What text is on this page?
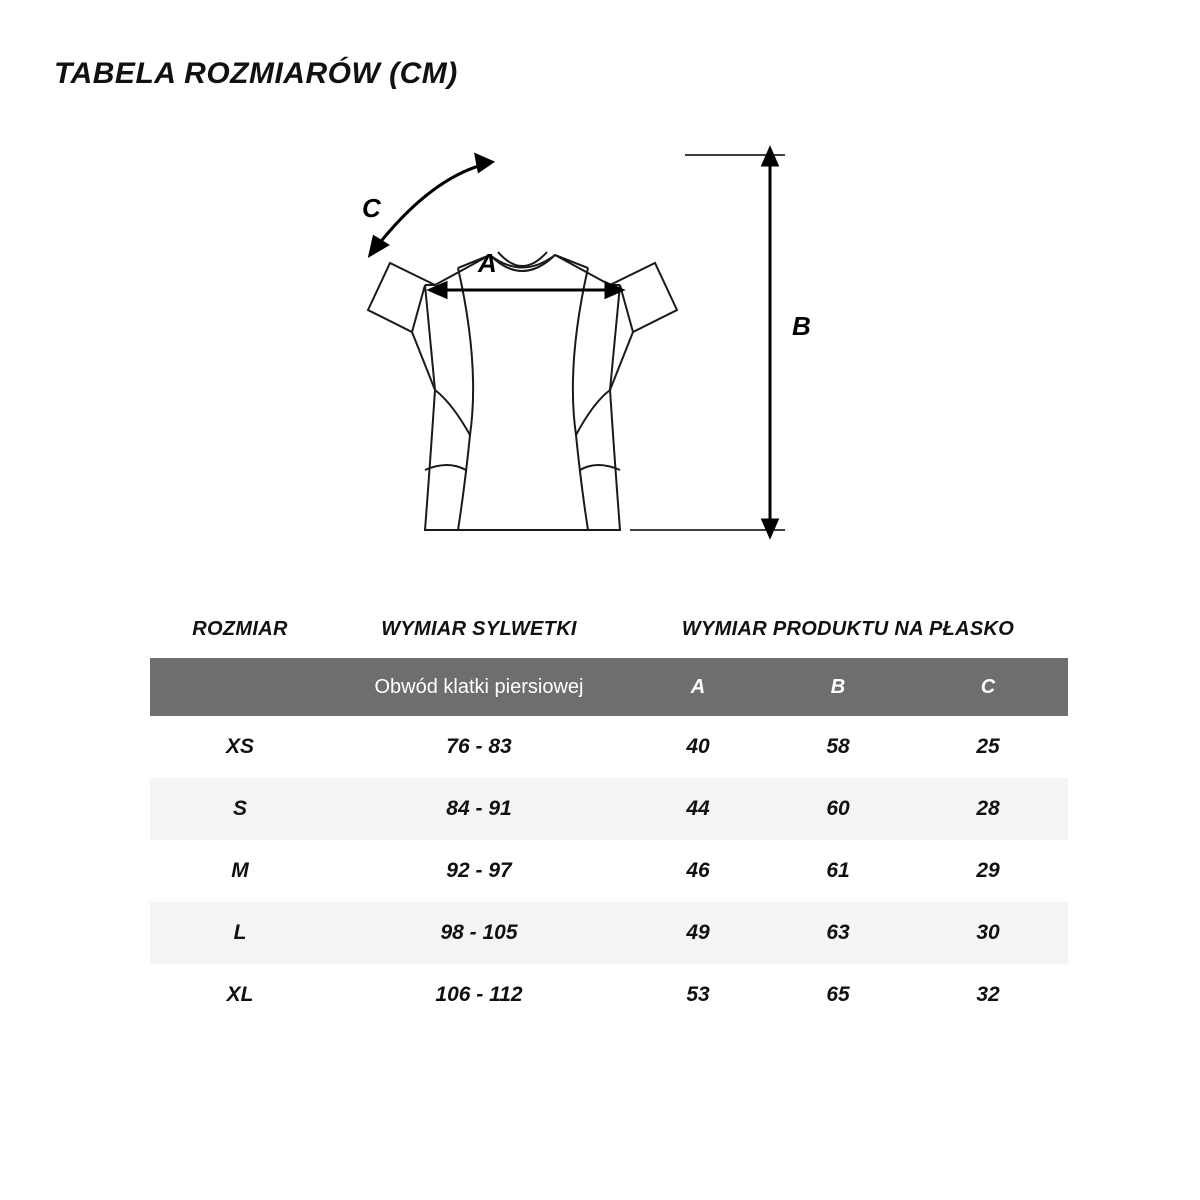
TABELA ROZMIARÓW (CM)
A
B
C
ROZMIAR	WYMIAR SYLWETKI	WYMIAR PRODUKTU NA PŁASKO		
	Obwód klatki piersiowej	A	B	C
XS	76 - 83	40	58	25
S	84 - 91	44	60	28
M	92 - 97	46	61	29
L	98 - 105	49	63	30
XL	106 - 112	53	65	32
